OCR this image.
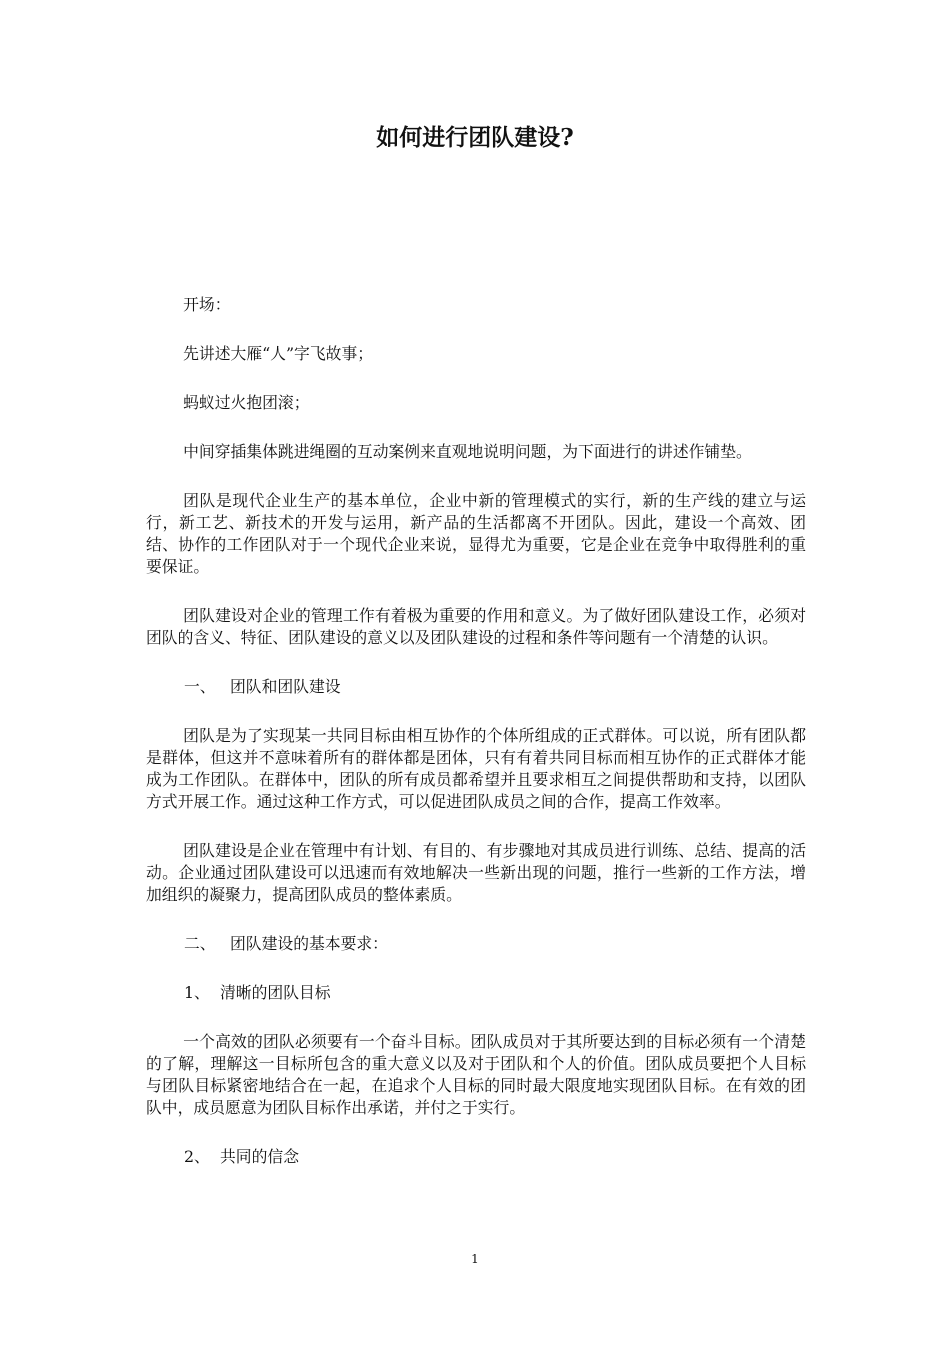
如何进行团队建设?

开场：

先讲述大雁“人”字飞故事；

蚂蚁过火抱团滚；

中间穿插集体跳进绳圈的互动案例来直观地说明问题，为下面进行的讲述作铺垫。

团队是现代企业生产的基本单位，企业中新的管理模式的实行，新的生产线的建立与运行，新工艺、新技术的开发与运用，新产品的生活都离不开团队。因此，建设一个高效、团结、协作的工作团队对于一个现代企业来说，显得尤为重要，它是企业在竞争中取得胜利的重要保证。

团队建设对企业的管理工作有着极为重要的作用和意义。为了做好团队建设工作，必须对团队的含义、特征、团队建设的意义以及团队建设的过程和条件等问题有一个清楚的认识。

一、 团队和团队建设

团队是为了实现某一共同目标由相互协作的个体所组成的正式群体。可以说，所有团队都是群体，但这并不意味着所有的群体都是团体，只有有着共同目标而相互协作的正式群体才能成为工作团队。在群体中，团队的所有成员都希望并且要求相互之间提供帮助和支持，以团队方式开展工作。通过这种工作方式，可以促进团队成员之间的合作，提高工作效率。

团队建设是企业在管理中有计划、有目的、有步骤地对其成员进行训练、总结、提高的活动。企业通过团队建设可以迅速而有效地解决一些新出现的问题，推行一些新的工作方法，增加组织的凝聚力，提高团队成员的整体素质。

二、 团队建设的基本要求：
1、 清晰的团队目标

一个高效的团队必须要有一个奋斗目标。团队成员对于其所要达到的目标必须有一个清楚的了解，理解这一目标所包含的重大意义以及对于团队和个人的价值。团队成员要把个人目标与团队目标紧密地结合在一起，在追求个人目标的同时最大限度地实现团队目标。在有效的团队中，成员愿意为团队目标作出承诺，并付之于实行。

2、 共同的信念
1
